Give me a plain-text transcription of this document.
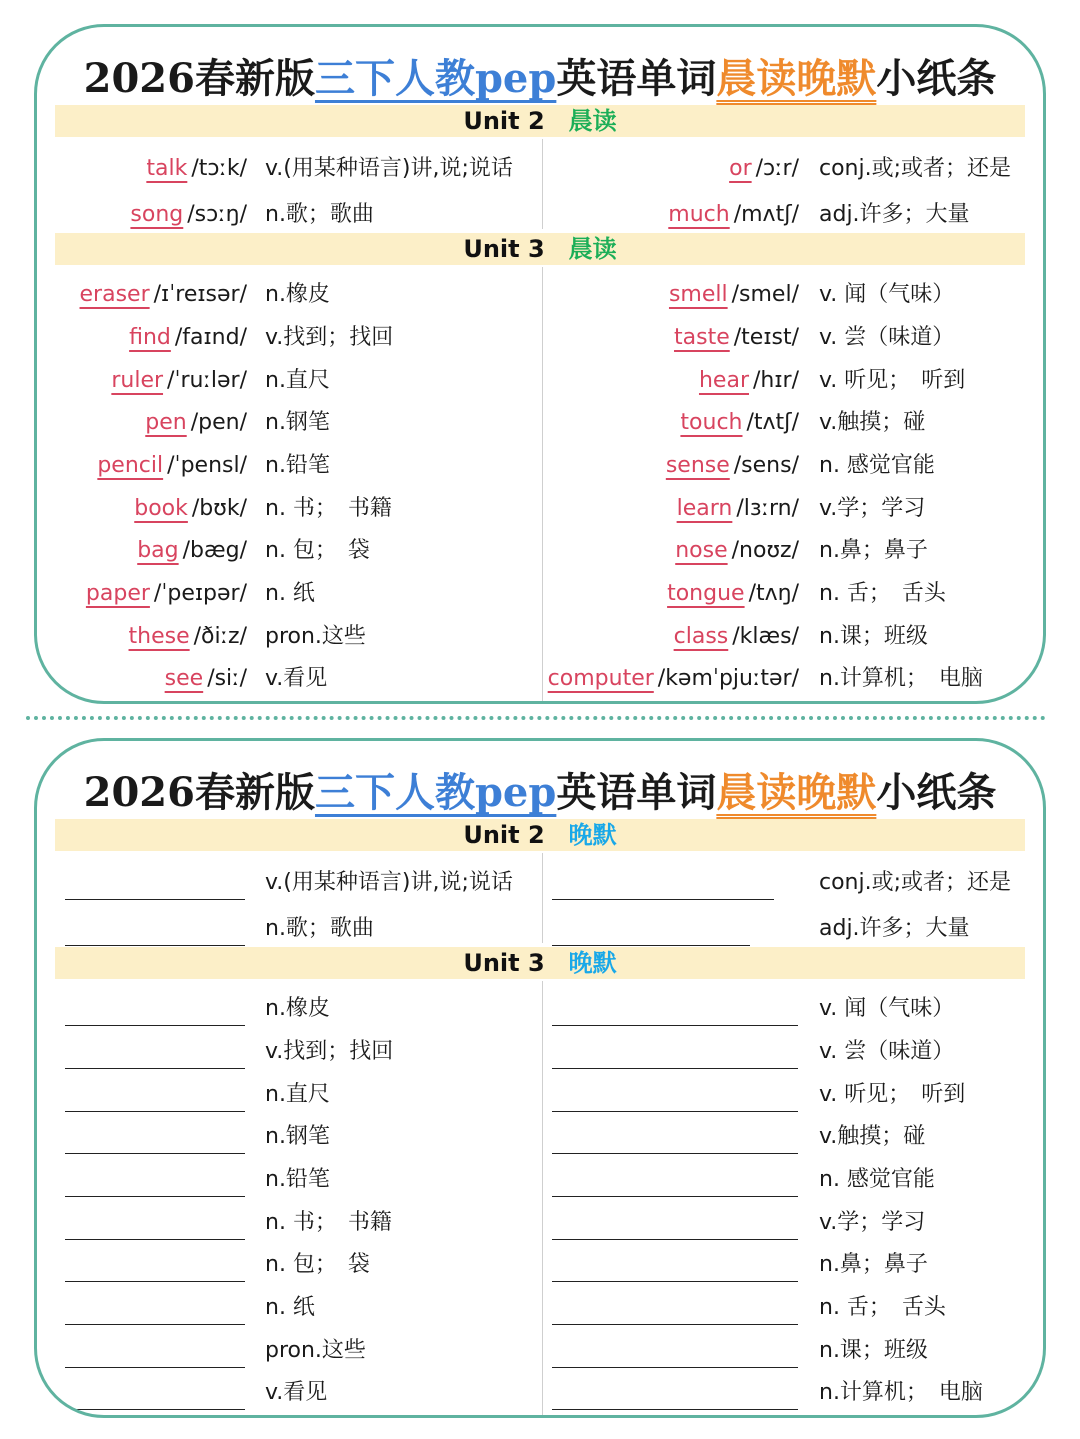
2026春新版三下人教pep英语单词晨读晚默小纸条
Unit 2 晨读
Unit 3 晨读
talk /tɔːk/ v.(用某种语言)讲,说;说话
song /sɔːŋ/ n.歌；歌曲
or /ɔːr/ conj.或;或者；还是
much /mʌtʃ/ adj.许多；大量
eraser /ɪˈreɪsər/ n.橡皮
find /faɪnd/ v.找到；找回
ruler /ˈruːlər/ n.直尺
pen /pen/ n.钢笔
pencil /ˈpensl/ n.铅笔
book /bʊk/ n. 书；　书籍
bag /bæg/ n. 包；　袋
paper /ˈpeɪpər/ n. 纸
these /ðiːz/ pron.这些
see /siː/ v.看见
smell /smel/ v. 闻（气味）
taste /teɪst/ v. 尝（味道）
hear /hɪr/ v. 听见；　听到
touch /tʌtʃ/ v.触摸；碰
sense /sens/ n. 感觉官能
learn /lɜːrn/ v.学；学习
nose /noʊz/ n.鼻；鼻子
tongue /tʌŋ/ n. 舌；　舌头
class /klæs/ n.课；班级
computer /kəmˈpjuːtər/ n.计算机；　电脑
2026春新版三下人教pep英语单词晨读晚默小纸条
Unit 2 晚默
Unit 3 晚默
v.(用某种语言)讲,说;说话
n.歌；歌曲
conj.或;或者；还是
adj.许多；大量
n.橡皮
v.找到；找回
n.直尺
n.钢笔
n.铅笔
n. 书；　书籍
n. 包；　袋
n. 纸
pron.这些
v.看见
v. 闻（气味）
v. 尝（味道）
v. 听见；　听到
v.触摸；碰
n. 感觉官能
v.学；学习
n.鼻；鼻子
n. 舌；　舌头
n.课；班级
n.计算机；　电脑
